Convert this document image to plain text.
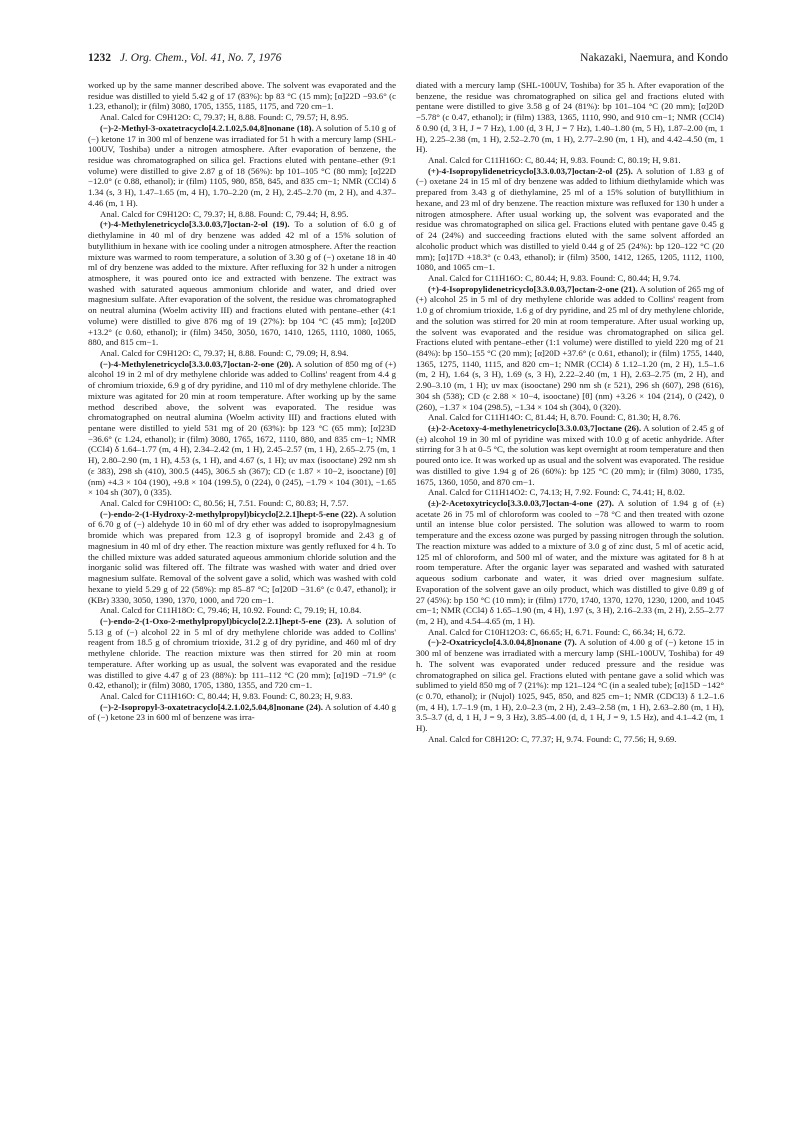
1232 J. Org. Chem., Vol. 41, No. 7, 1976	Nakazaki, Naemura, and Kondo

worked up by the same manner described above. The solvent was evaporated and the residue was distilled to yield 5.42 g of 17 (83%): bp 83 °C (15 mm); [α]22D −93.6° (c 1.23, ethanol); ir (film) 3080, 1705, 1355, 1185, 1175, and 720 cm−1.

Anal. Calcd for C9H12O: C, 79.37; H, 8.88. Found: C, 79.57; H, 8.95.

(−)-2-Methyl-3-oxatetracyclo[4.2.1.02,5.04,8]nonane (18). A solution of 5.10 g of (−) ketone 17 in 300 ml of benzene was irradiated for 51 h with a mercury lamp (SHL-100UV, Toshiba) under a nitrogen atmosphere. After evaporation of benzene, the residue was chromatographed on silica gel. Fractions eluted with pentane–ether (9:1 volume) were distilled to give 2.87 g of 18 (56%): bp 101–105 °C (80 mm); [α]22D −12.0° (c 0.88, ethanol); ir (film) 1105, 980, 858, 845, and 835 cm−1; NMR (CCl4) δ 1.34 (s, 3 H), 1.47–1.65 (m, 4 H), 1.70–2.20 (m, 2 H), 2.45–2.70 (m, 2 H), and 4.37–4.46 (m, 1 H).

Anal. Calcd for C9H12O: C, 79.37; H, 8.88. Found: C, 79.44; H, 8.95.

(+)-4-Methylenetricyclo[3.3.0.03,7]octan-2-ol (19). To a solution of 6.0 g of diethylamine in 40 ml of dry benzene was added 42 ml of a 15% solution of butyllithium in hexane with ice cooling under a nitrogen atmosphere. After the reaction mixture was warmed to room temperature, a solution of 3.30 g of (−) oxetane 18 in 40 ml of dry benzene was added to the mixture. After refluxing for 32 h under a nitrogen atmosphere, it was poured onto ice and extracted with benzene. The extract was washed with saturated aqueous ammonium chloride and water, and dried over magnesium sulfate. After evaporation of the solvent, the residue was chromatographed on neutral alumina (Woelm activity III) and fractions eluted with pentane–ether (4:1 volume) were distilled to give 876 mg of 19 (27%): bp 104 °C (45 mm); [α]20D +13.2° (c 0.60, ethanol); ir (film) 3450, 3050, 1670, 1410, 1265, 1110, 1080, 1065, 880, and 815 cm−1.

Anal. Calcd for C9H12O: C, 79.37; H, 8.88. Found: C, 79.09; H, 8.94.

(−)-4-Methylenetricyclo[3.3.0.03,7]octan-2-one (20). A solution of 850 mg of (+) alcohol 19 in 2 ml of dry methylene chloride was added to Collins' reagent from 4.4 g of chromium trioxide, 6.9 g of dry pyridine, and 110 ml of dry methylene chloride. The mixture was agitated for 20 min at room temperature. After working up by the same method described above, the solvent was evaporated. The residue was chromatographed on neutral alumina (Woelm activity III) and fractions eluted with pentane were distilled to yield 531 mg of 20 (63%): bp 123 °C (65 mm); [α]23D −36.6° (c 1.24, ethanol); ir (film) 3080, 1765, 1672, 1110, 880, and 835 cm−1; NMR (CCl4) δ 1.64–1.77 (m, 4 H), 2.34–2.42 (m, 1 H), 2.45–2.57 (m, 1 H), 2.65–2.75 (m, 1 H), 2.80–2.90 (m, 1 H), 4.53 (s, 1 H), and 4.67 (s, 1 H); uv max (isooctane) 292 nm sh (ε 383), 298 sh (410), 300.5 (445), 306.5 sh (367); CD (c 1.87 × 10−2, isooctane) [θ] (nm) +4.3 × 104 (190), +9.8 × 104 (199.5), 0 (224), 0 (245), −1.79 × 104 (301), −1.65 × 104 sh (307), 0 (335).

Anal. Calcd for C9H10O: C, 80.56; H, 7.51. Found: C, 80.83; H, 7.57.

(−)-endo-2-(1-Hydroxy-2-methylpropyl)bicyclo[2.2.1]hept-5-ene (22). A solution of 6.70 g of (−) aldehyde 10 in 60 ml of dry ether was added to isopropylmagnesium bromide which was prepared from 12.3 g of isopropyl bromide and 2.43 g of magnesium in 40 ml of dry ether. The reaction mixture was gently refluxed for 4 h. To the chilled mixture was added saturated aqueous ammonium chloride solution and the inorganic solid was filtered off. The filtrate was washed with water and dried over magnesium sulfate. Removal of the solvent gave a solid, which was washed with cold hexane to yield 5.29 g of 22 (58%): mp 85–87 °C; [α]20D −31.6° (c 0.47, ethanol); ir (KBr) 3330, 3050, 1390, 1370, 1000, and 720 cm−1.

Anal. Calcd for C11H18O: C, 79.46; H, 10.92. Found: C, 79.19; H, 10.84.

(−)-endo-2-(1-Oxo-2-methylpropyl)bicyclo[2.2.1]hept-5-ene (23). A solution of 5.13 g of (−) alcohol 22 in 5 ml of dry methylene chloride was added to Collins' reagent from 18.5 g of chromium trioxide, 31.2 g of dry pyridine, and 460 ml of dry methylene chloride. The reaction mixture was then stirred for 20 min at room temperature. After working up as usual, the solvent was evaporated and the residue was distilled to give 4.47 g of 23 (88%): bp 111–112 °C (20 mm); [α]19D −71.9° (c 0.42, ethanol); ir (film) 3080, 1705, 1380, 1355, and 720 cm−1.

Anal. Calcd for C11H16O: C, 80.44; H, 9.83. Found: C, 80.23; H, 9.83.

(−)-2-Isopropyl-3-oxatetracyclo[4.2.1.02,5.04,8]nonane (24). A solution of 4.40 g of (−) ketone 23 in 600 ml of benzene was irra-

diated with a mercury lamp (SHL-100UV, Toshiba) for 35 h. After evaporation of the benzene, the residue was chromatographed on silica gel and fractions eluted with pentane were distilled to give 3.58 g of 24 (81%): bp 101–104 °C (20 mm); [α]20D −5.78° (c 0.47, ethanol); ir (film) 1383, 1365, 1110, 990, and 910 cm−1; NMR (CCl4) δ 0.90 (d, 3 H, J = 7 Hz), 1.00 (d, 3 H, J = 7 Hz), 1.40–1.80 (m, 5 H), 1.87–2.00 (m, 1 H), 2.25–2.38 (m, 1 H), 2.52–2.70 (m, 1 H), 2.77–2.90 (m, 1 H), and 4.42–4.50 (m, 1 H).

Anal. Calcd for C11H16O: C, 80.44; H, 9.83. Found: C, 80.19; H, 9.81.

(+)-4-Isopropylidenetricyclo[3.3.0.03,7]octan-2-ol (25). A solution of 1.83 g of (−) oxetane 24 in 15 ml of dry benzene was added to lithium diethylamide which was prepared from 3.43 g of diethylamine, 25 ml of a 15% solution of butyllithium in hexane, and 23 ml of dry benzene. The reaction mixture was refluxed for 130 h under a nitrogen atmosphere. After usual working up, the solvent was evaporated and the residue was chromatographed on silica gel. Fractions eluted with pentane gave 0.45 g of 24 (24%) and succeeding fractions eluted with the same solvent afforded an alcoholic product which was distilled to yield 0.44 g of 25 (24%): bp 120–122 °C (20 mm); [α]17D +18.3° (c 0.43, ethanol); ir (film) 3500, 1412, 1265, 1205, 1112, 1100, 1080, and 1065 cm−1.

Anal. Calcd for C11H16O: C, 80.44; H, 9.83. Found: C, 80.44; H, 9.74.

(+)-4-Isopropylidenetricyclo[3.3.0.03,7]octan-2-one (21). A solution of 265 mg of (+) alcohol 25 in 5 ml of dry methylene chloride was added to Collins' reagent from 1.0 g of chromium trioxide, 1.6 g of dry pyridine, and 25 ml of dry methylene chloride, and the solution was stirred for 20 min at room temperature. After usual working up, the solvent was evaporated and the residue was chromatographed on silica gel. Fractions eluted with pentane–ether (1:1 volume) were distilled to yield 220 mg of 21 (84%): bp 150–155 °C (20 mm); [α]20D +37.6° (c 0.61, ethanol); ir (film) 1755, 1440, 1365, 1275, 1140, 1115, and 820 cm−1; NMR (CCl4) δ 1.12–1.20 (m, 2 H), 1.5–1.6 (m, 2 H), 1.64 (s, 3 H), 1.69 (s, 3 H), 2.22–2.40 (m, 1 H), 2.63–2.75 (m, 2 H), and 2.90–3.10 (m, 1 H); uv max (isooctane) 290 nm sh (ε 521), 296 sh (607), 298 (616), 304 sh (538); CD (c 2.88 × 10−4, isooctane) [θ] (nm) +3.26 × 104 (214), 0 (242), 0 (260), −1.37 × 104 (298.5), −1.34 × 104 sh (304), 0 (320).

Anal. Calcd for C11H14O: C, 81.44; H, 8.70. Found: C, 81.30; H, 8.76.

(±)-2-Acetoxy-4-methylenetricyclo[3.3.0.03,7]octane (26). A solution of 2.45 g of (±) alcohol 19 in 30 ml of pyridine was mixed with 10.0 g of acetic anhydride. After stirring for 3 h at 0–5 °C, the solution was kept overnight at room temperature and then poured onto ice. It was worked up as usual and the solvent was evaporated. The residue was distilled to give 1.94 g of 26 (60%): bp 125 °C (20 mm); ir (film) 3080, 1735, 1675, 1360, 1050, and 870 cm−1.

Anal. Calcd for C11H14O2: C, 74.13; H, 7.92. Found: C, 74.41; H, 8.02.

(±)-2-Acetoxytricyclo[3.3.0.03,7]octan-4-one (27). A solution of 1.94 g of (±) acetate 26 in 75 ml of chloroform was cooled to −78 °C and then treated with ozone until an intense blue color persisted. The solution was allowed to warm to room temperature and the excess ozone was purged by passing nitrogen through the solution. The reaction mixture was added to a mixture of 3.0 g of zinc dust, 5 ml of acetic acid, 125 ml of chloroform, and 500 ml of water, and the mixture was agitated for 8 h at room temperature. After the organic layer was separated and washed with saturated aqueous sodium carbonate and water, it was dried over magnesium sulfate. Evaporation of the solvent gave an oily product, which was distilled to give 0.89 g of 27 (45%): bp 150 °C (10 mm); ir (film) 1770, 1740, 1370, 1270, 1230, 1200, and 1045 cm−1; NMR (CCl4) δ 1.65–1.90 (m, 4 H), 1.97 (s, 3 H), 2.16–2.33 (m, 2 H), 2.55–2.77 (m, 2 H), and 4.54–4.65 (m, 1 H).

Anal. Calcd for C10H12O3: C, 66.65; H, 6.71. Found: C, 66.34; H, 6.72.

(−)-2-Oxatricyclo[4.3.0.04,8]nonane (7). A solution of 4.00 g of (−) ketone 15 in 300 ml of benzene was irradiated with a mercury lamp (SHL-100UV, Toshiba) for 49 h. The solvent was evaporated under reduced pressure and the residue was chromatographed on silica gel. Fractions eluted with pentane gave a solid which was sublimed to yield 850 mg of 7 (21%): mp 121–124 °C (in a sealed tube); [α]15D −142° (c 0.70, ethanol); ir (Nujol) 1025, 945, 850, and 825 cm−1; NMR (CDCl3) δ 1.2–1.6 (m, 4 H), 1.7–1.9 (m, 1 H), 2.0–2.3 (m, 2 H), 2.43–2.58 (m, 1 H), 2.63–2.80 (m, 1 H), 3.5–3.7 (d, d, 1 H, J = 9, 3 Hz), 3.85–4.00 (d, d, 1 H, J = 9, 1.5 Hz), and 4.1–4.2 (m, 1 H).

Anal. Calcd for C8H12O: C, 77.37; H, 9.74. Found: C, 77.56; H, 9.69.
